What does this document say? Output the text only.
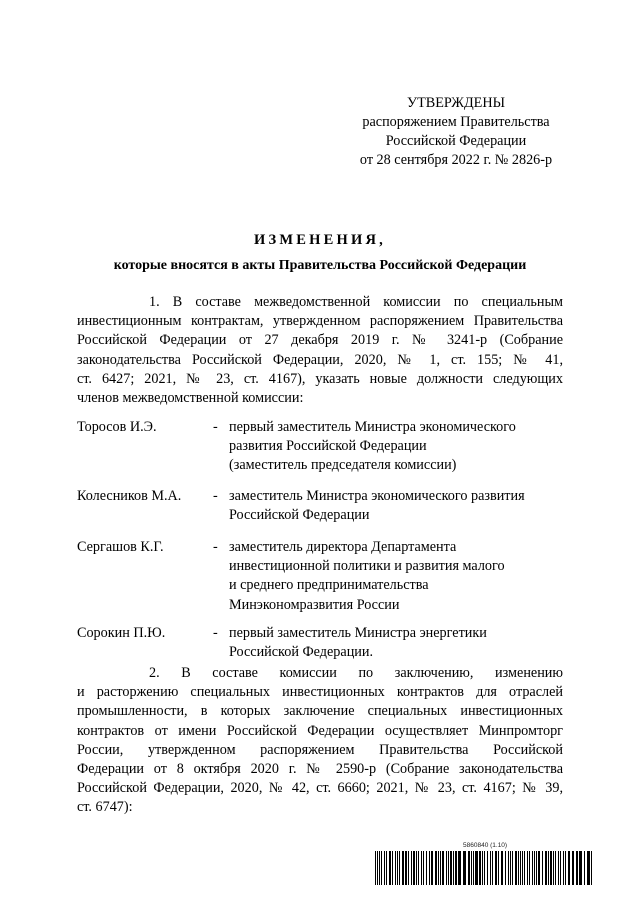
УТВЕРЖДЕНЫ
распоряжением Правительства
Российской Федерации
от 28 сентября 2022 г. № 2826-р
ИЗМЕНЕНИЯ,
которые вносятся в акты Правительства Российской Федерации
1. В составе межведомственной комиссии по специальным
инвестиционным контрактам, утвержденном распоряжением Правительства
Российской Федерации от 27 декабря 2019 г. № 3241-р (Собрание
законодательства Российской Федерации, 2020, № 1, ст. 155; № 41,
ст. 6427; 2021, № 23, ст. 4167), указать новые должности следующих
членов межведомственной комиссии:
Торосов И.Э.	- первый заместитель Министра экономического
развития Российской Федерации
(заместитель председателя комиссии)
Колесников М.А. - заместитель Министра экономического развития
Российской Федерации
Сергашов К.Г.	- заместитель директора Департамента
инвестиционной политики и развития малого
и среднего предпринимательства
Минэкономразвития России
Сорокин П.Ю.	- первый заместитель Министра энергетики
Российской Федерации.
2. В составе комиссии по заключению, изменению
и расторжению специальных инвестиционных контрактов для отраслей
промышленности, в которых заключение специальных инвестиционных
контрактов от имени Российской Федерации осуществляет Минпромторг
России, утвержденном распоряжением Правительства Российской
Федерации от 8 октября 2020 г. № 2590-р (Собрание законодательства
Российской Федерации, 2020, № 42, ст. 6660; 2021, № 23, ст. 4167; № 39,
ст. 6747):
5860840 (1.10)
